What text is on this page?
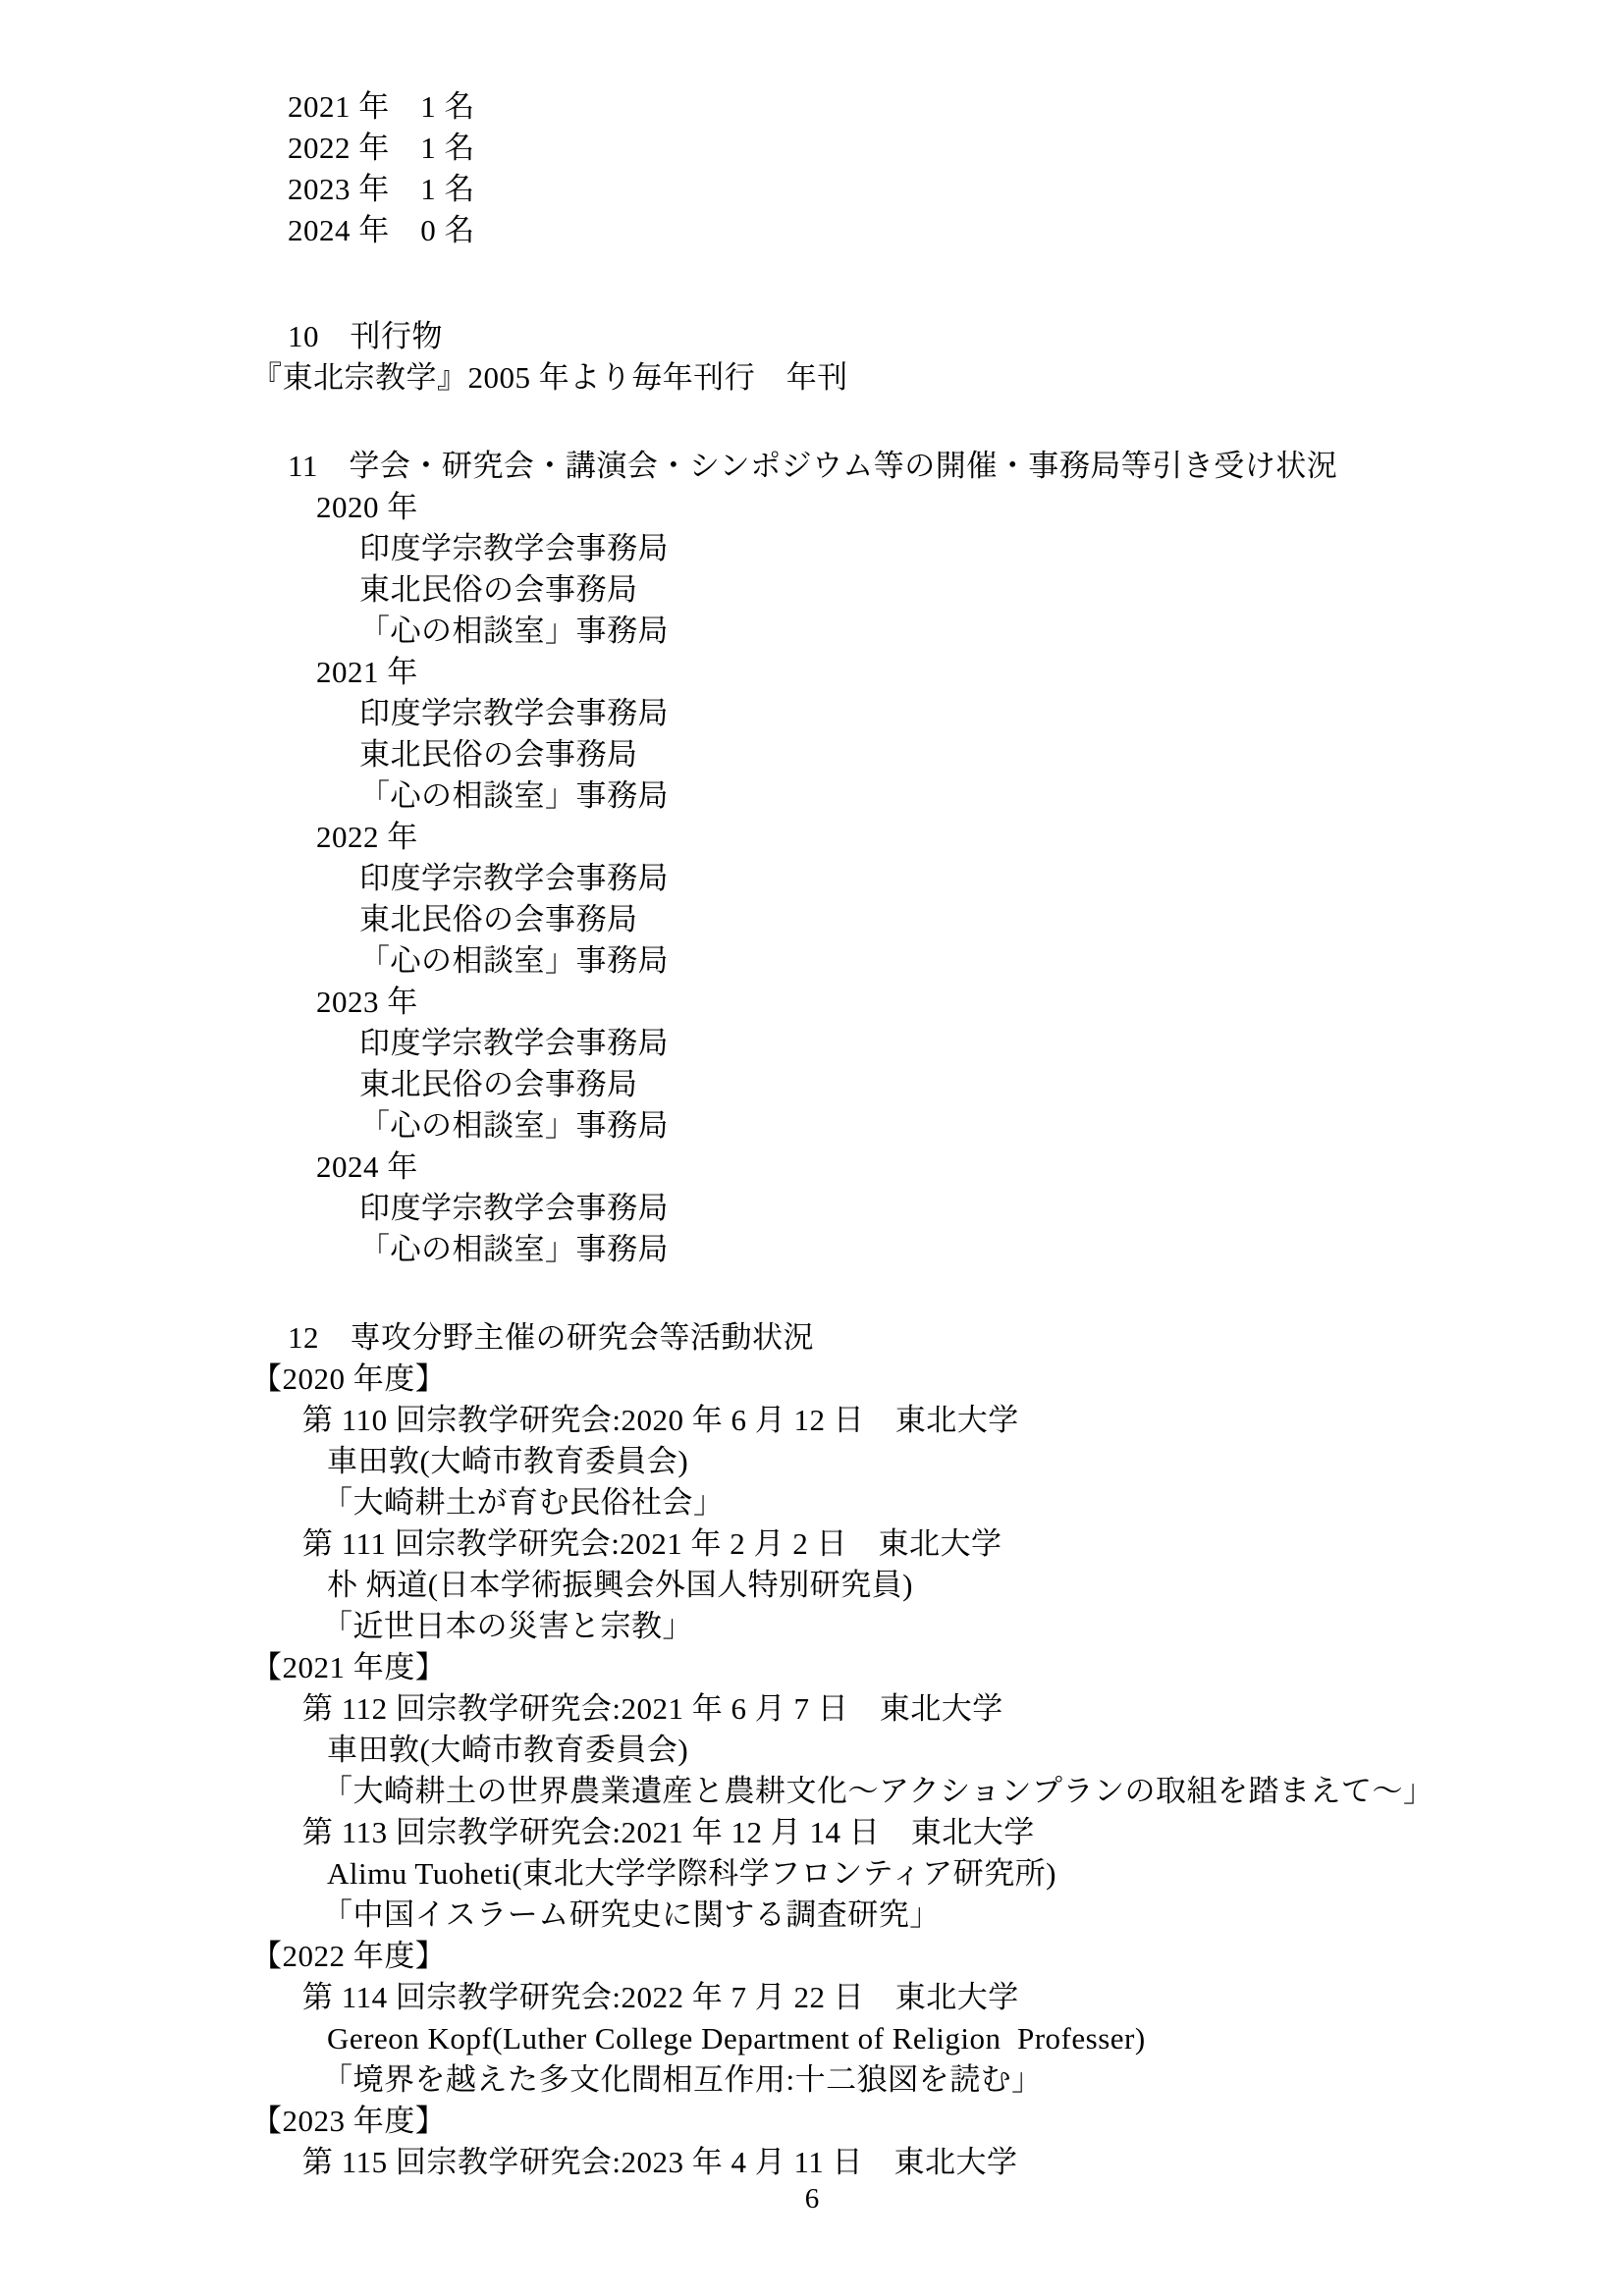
2021 年　1 名
2022 年　1 名
2023 年　1 名
2024 年　0 名
10　刊行物
『東北宗教学』2005 年より毎年刊行　年刊
11　学会・研究会・講演会・シンポジウム等の開催・事務局等引き受け状況
2020 年
印度学宗教学会事務局
東北民俗の会事務局
「心の相談室」事務局
2021 年
印度学宗教学会事務局
東北民俗の会事務局
「心の相談室」事務局
2022 年
印度学宗教学会事務局
東北民俗の会事務局
「心の相談室」事務局
2023 年
印度学宗教学会事務局
東北民俗の会事務局
「心の相談室」事務局
2024 年
印度学宗教学会事務局
「心の相談室」事務局
12　専攻分野主催の研究会等活動状況
【2020 年度】
第 110 回宗教学研究会:2020 年 6 月 12 日　東北大学
車田敦(大崎市教育委員会)
「大崎耕土が育む民俗社会」
第 111 回宗教学研究会:2021 年 2 月 2 日　東北大学
朴 炳道(日本学術振興会外国人特別研究員)
「近世日本の災害と宗教」
【2021 年度】
第 112 回宗教学研究会:2021 年 6 月 7 日　東北大学
車田敦(大崎市教育委員会)
「大崎耕土の世界農業遺産と農耕文化～アクションプランの取組を踏まえて～」
第 113 回宗教学研究会:2021 年 12 月 14 日　東北大学
Alimu Tuoheti(東北大学学際科学フロンティア研究所)
「中国イスラーム研究史に関する調査研究」
【2022 年度】
第 114 回宗教学研究会:2022 年 7 月 22 日　東北大学
Gereon Kopf(Luther College Department of Religion  Professer)
「境界を越えた多文化間相互作用:十二狼図を読む」
【2023 年度】
第 115 回宗教学研究会:2023 年 4 月 11 日　東北大学
6
